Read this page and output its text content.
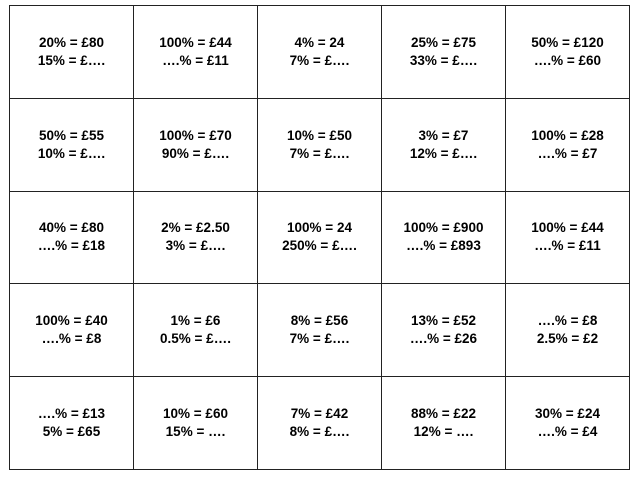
20% = £80
15% = £….
100% = £44
….% = £11
4% = 24
7% = £….
25% = £75
33% = £….
50% = £120
….% = £60
50% = £55
10% = £….
100% = £70
90% = £….
10% = £50
7% = £….
3% = £7
12% = £….
100% = £28
….% = £7
40% = £80
….% = £18
2% = £2.50
3% = £….
100% = 24
250% = £….
100% = £900
….% = £893
100% = £44
….% = £11
100% = £40
….% = £8
1% = £6
0.5% = £….
8% = £56
7% = £….
13% = £52
….% = £26
….% = £8
2.5% = £2
….% = £13
5% = £65
10% = £60
15% = ….
7% = £42
8% = £….
88% = £22
12% = ….
30% = £24
….% = £4
